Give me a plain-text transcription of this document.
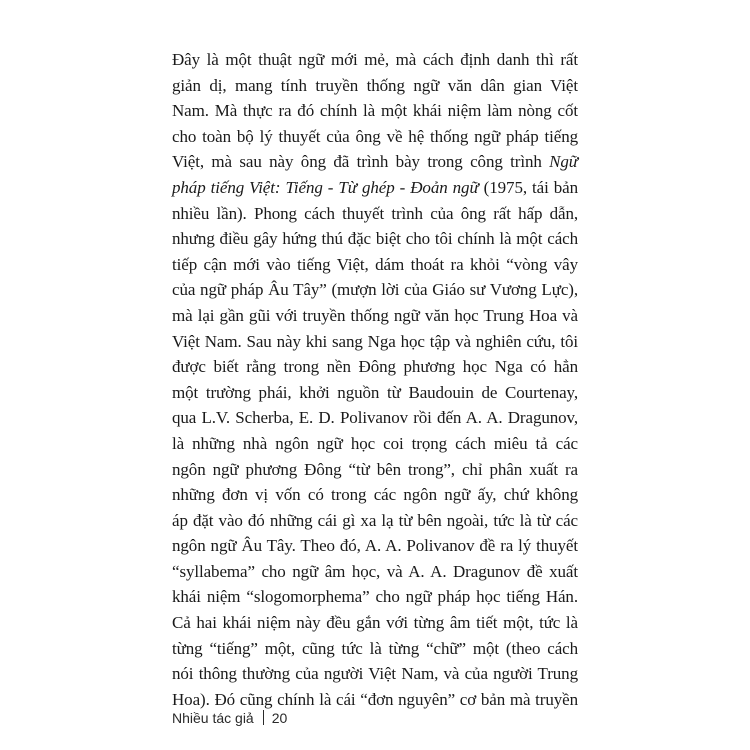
Đây là một thuật ngữ mới mẻ, mà cách định danh thì rất
giản dị, mang tính truyền thống ngữ văn dân gian Việt
Nam. Mà thực ra đó chính là một khái niệm làm nòng cốt
cho toàn bộ lý thuyết của ông về hệ thống ngữ pháp tiếng
Việt, mà sau này ông đã trình bày trong công trình Ngữ
pháp tiếng Việt: Tiếng - Từ ghép - Đoản ngữ (1975, tái bản
nhiều lần). Phong cách thuyết trình của ông rất hấp dẫn,
nhưng điều gây hứng thú đặc biệt cho tôi chính là một cách
tiếp cận mới vào tiếng Việt, dám thoát ra khỏi “vòng vây
của ngữ pháp Âu Tây” (mượn lời của Giáo sư Vương Lực),
mà lại gần gũi với truyền thống ngữ văn học Trung Hoa và
Việt Nam. Sau này khi sang Nga học tập và nghiên cứu, tôi
được biết rằng trong nền Đông phương học Nga có hẳn
một trường phái, khởi nguồn từ Baudouin de Courtenay,
qua L.V. Scherba, E. D. Polivanov rồi đến A. A. Dragunov,
là những nhà ngôn ngữ học coi trọng cách miêu tả các
ngôn ngữ phương Đông “từ bên trong”, chỉ phân xuất ra
những đơn vị vốn có trong các ngôn ngữ ấy, chứ không
áp đặt vào đó những cái gì xa lạ từ bên ngoài, tức là từ các
ngôn ngữ Âu Tây. Theo đó, A. A. Polivanov đề ra lý thuyết
“syllabema” cho ngữ âm học, và A. A. Dragunov đề xuất
khái niệm “slogomorphema” cho ngữ pháp học tiếng Hán.
Cả hai khái niệm này đều gắn với từng âm tiết một, tức là
từng “tiếng” một, cũng tức là từng “chữ” một (theo cách
nói thông thường của người Việt Nam, và của người Trung
Hoa). Đó cũng chính là cái “đơn nguyên” cơ bản mà truyền
Nhiều tác giả 20
